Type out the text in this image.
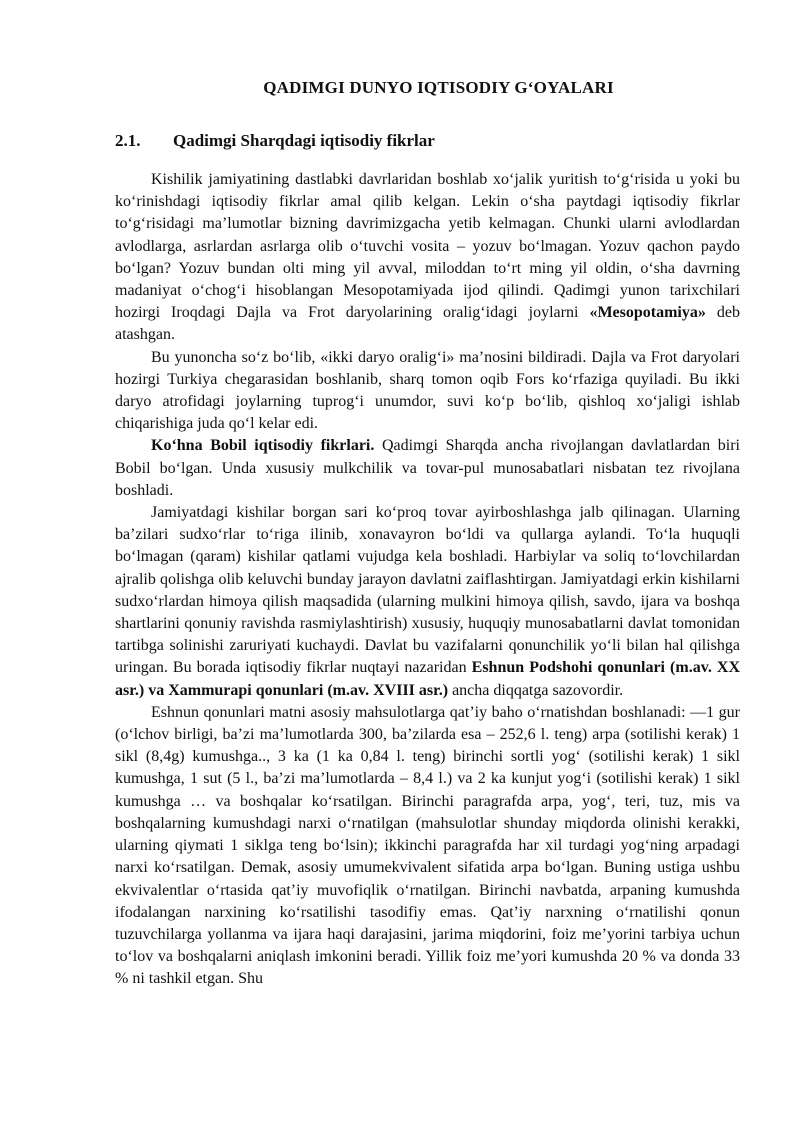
QADIMGI DUNYO IQTISODIY G‘OYALARI
2.1.	Qadimgi Sharqdagi iqtisodiy fikrlar

Kishilik jamiyatining dastlabki davrlaridan boshlab xo‘jalik yuritish to‘g‘risida u yoki bu ko‘rinishdagi iqtisodiy fikrlar amal qilib kelgan. Lekin o‘sha paytdagi iqtisodiy fikrlar to‘g‘risidagi ma’lumotlar bizning davrimizgacha yetib kelmagan. Chunki ularni avlodlardan avlodlarga, asrlardan asrlarga olib o‘tuvchi vosita – yozuv bo‘lmagan. Yozuv qachon paydo bo‘lgan? Yozuv bundan olti ming yil avval, miloddan to‘rt ming yil oldin, o‘sha davrning madaniyat o‘chog‘i hisoblangan Mesopotamiyada ijod qilindi. Qadimgi yunon tarixchilari hozirgi Iroqdagi Dajla va Frot daryolarining oralig‘idagi joylarni «Mesopotamiya» deb atashgan.

Bu yunoncha so‘z bo‘lib, «ikki daryo oralig‘i» ma’nosini bildiradi. Dajla va Frot daryolari hozirgi Turkiya chegarasidan boshlanib, sharq tomon oqib Fors ko‘rfaziga quyiladi. Bu ikki daryo atrofidagi joylarning tuprog‘i unumdor, suvi ko‘p bo‘lib, qishloq xo‘jaligi ishlab chiqarishiga juda qo‘l kelar edi.

Ko‘hna Bobil iqtisodiy fikrlari. Qadimgi Sharqda ancha rivojlangan davlatlardan biri Bobil bo‘lgan. Unda xususiy mulkchilik va tovar-pul munosabatlari nisbatan tez rivojlana boshladi.

Jamiyatdagi kishilar borgan sari ko‘proq tovar ayirboshlashga jalb qilinagan. Ularning ba’zilari sudxo‘rlar to‘riga ilinib, xonavayron bo‘ldi va qullarga aylandi. To‘la huquqli bo‘lmagan (qaram) kishilar qatlami vujudga kela boshladi. Harbiylar va soliq to‘lovchilardan ajralib qolishga olib keluvchi bunday jarayon davlatni zaiflashtirgan. Jamiyatdagi erkin kishilarni sudxo‘rlardan himoya qilish maqsadida (ularning mulkini himoya qilish, savdo, ijara va boshqa shartlarini qonuniy ravishda rasmiylashtirish) xususiy, huquqiy munosabatlarni davlat tomonidan tartibga solinishi zaruriyati kuchaydi. Davlat bu vazifalarni qonunchilik yo‘li bilan hal qilishga uringan. Bu borada iqtisodiy fikrlar nuqtayi nazaridan Eshnun Podshohi qonunlari (m.av. XX asr.) va Xammurapi qonunlari (m.av. XVIII asr.) ancha diqqatga sazovordir.

Eshnun qonunlari matni asosiy mahsulotlarga qat’iy baho o‘rnatishdan boshlanadi: —1 gur (o‘lchov birligi, ba’zi ma’lumotlarda 300, ba’zilarda esa – 252,6 l. teng) arpa (sotilishi kerak) 1 sikl (8,4g) kumushga.., 3 ka (1 ka 0,84 l. teng) birinchi sortli yog‘ (sotilishi kerak) 1 sikl kumushga, 1 sut (5 l., ba’zi ma’lumotlarda – 8,4 l.) va 2 ka kunjut yog‘i (sotilishi kerak) 1 sikl kumushga … va boshqalar ko‘rsatilgan. Birinchi paragrafda arpa, yog‘, teri, tuz, mis va boshqalarning kumushdagi narxi o‘rnatilgan (mahsulotlar shunday miqdorda olinishi kerakki, ularning qiymati 1 siklga teng bo‘lsin); ikkinchi paragrafda har xil turdagi yog‘ning arpadagi narxi ko‘rsatilgan. Demak, asosiy umumekvivalent sifatida arpa bo‘lgan. Buning ustiga ushbu ekvivalentlar o‘rtasida qat’iy muvofiqlik o‘rnatilgan. Birinchi navbatda, arpaning kumushda ifodalangan narxining ko‘rsatilishi tasodifiy emas. Qat’iy narxning o‘rnatilishi qonun tuzuvchilarga yollanma va ijara haqi darajasini, jarima miqdorini, foiz me’yorini tarbiya uchun to‘lov va boshqalarni aniqlash imkonini beradi. Yillik foiz me’yori kumushda 20 % va donda 33 % ni tashkil etgan. Shu
